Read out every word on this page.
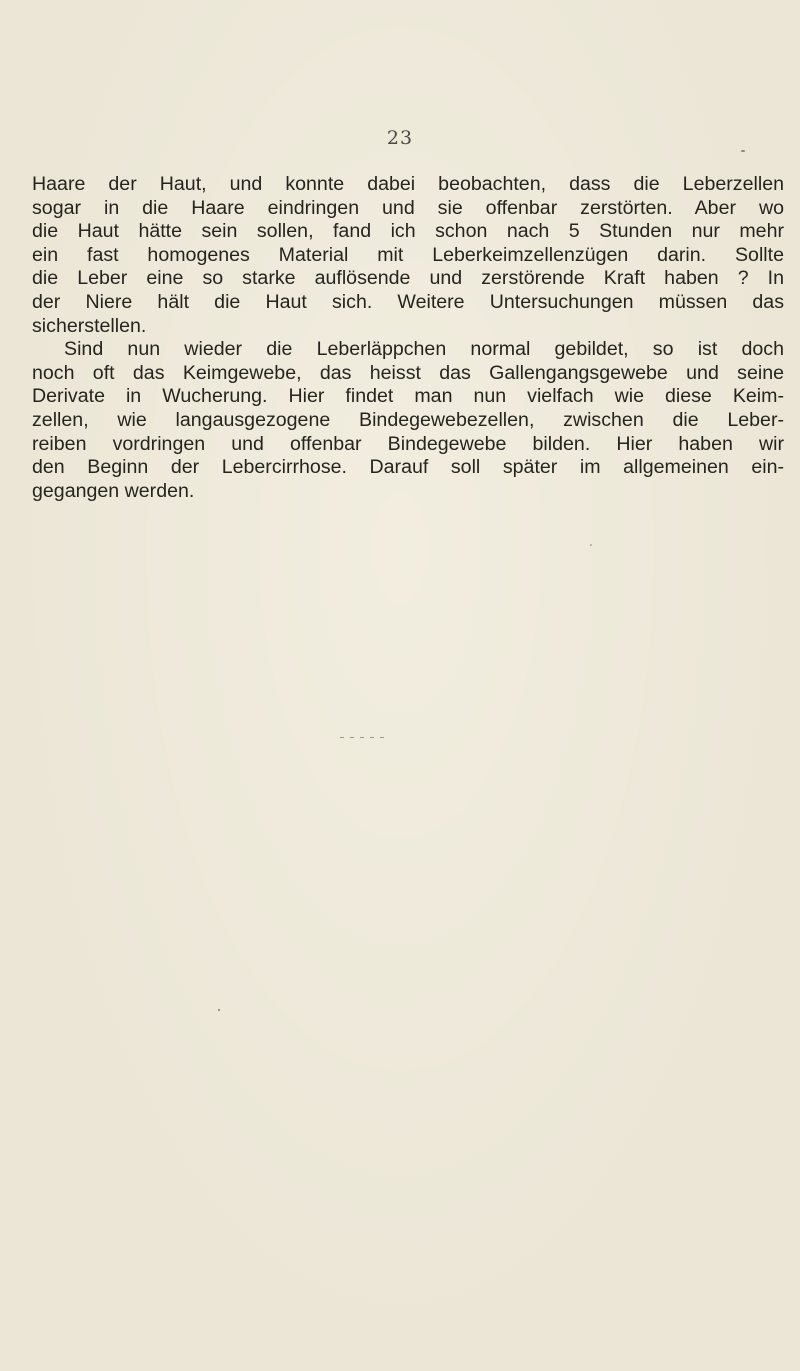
23
Haare der Haut, und konnte dabei beobachten, dass die Leberzellen
sogar in die Haare eindringen und sie offenbar zerstörten. Aber wo
die Haut hätte sein sollen, fand ich schon nach 5 Stunden nur mehr
ein fast homogenes Material mit Leberkeimzellenzügen darin. Sollte
die Leber eine so starke auflösende und zerstörende Kraft haben ? In
der Niere hält die Haut sich. Weitere Untersuchungen müssen das
sicherstellen.
Sind nun wieder die Leberläppchen normal gebildet, so ist doch
noch oft das Keimgewebe, das heisst das Gallengangsgewebe und seine
Derivate in Wucherung. Hier findet man nun vielfach wie diese Keim-
zellen, wie langausgezogene Bindegewebezellen, zwischen die Leber-
reiben vordringen und offenbar Bindegewebe bilden. Hier haben wir
den Beginn der Lebercirrhose. Darauf soll später im allgemeinen ein-
gegangen werden.
